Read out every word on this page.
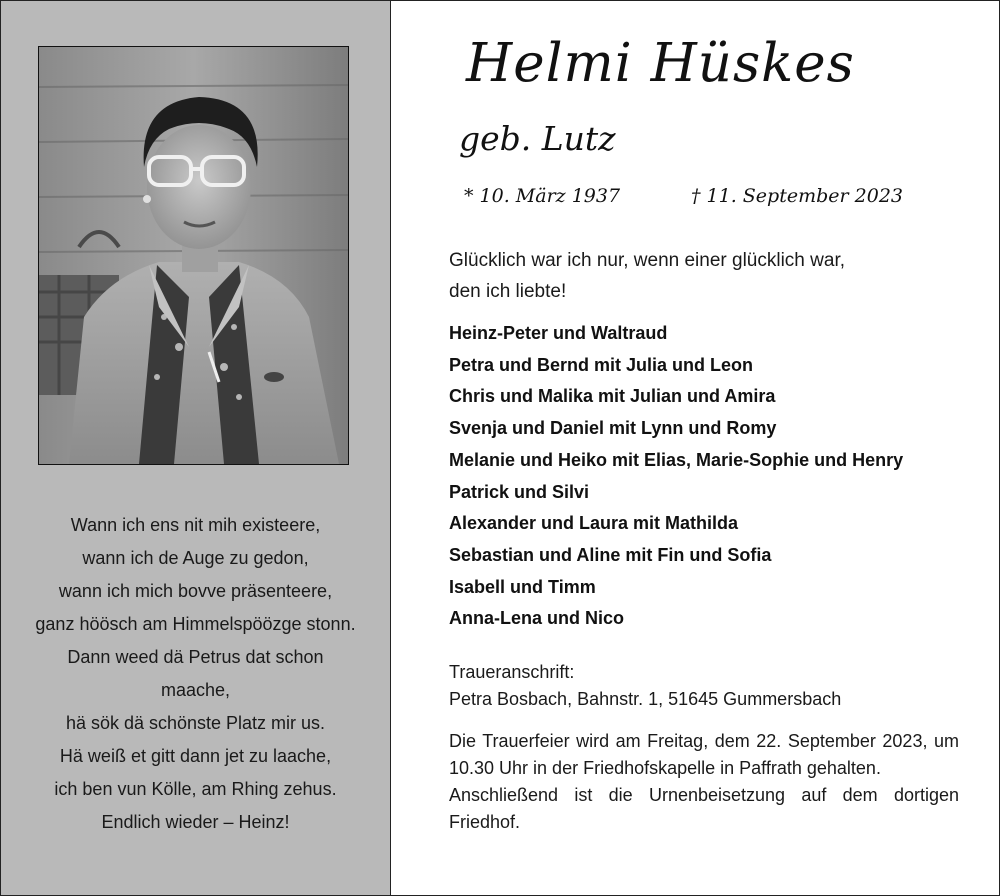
Wann ich ens nit mih existeere,
wann ich de Auge zu gedon,
wann ich mich bovve präsenteere,
ganz höösch am Himmelspöözge stonn.
Dann weed dä Petrus dat schon
maache,
hä sök dä schönste Platz mir us.
Hä weiß et gitt dann jet zu laache,
ich ben vun Kölle, am Rhing zehus.
Endlich wieder – Heinz!
Helmi Hüskes
geb. Lutz
* 10. März 1937	† 11. September 2023
Glücklich war ich nur, wenn einer glücklich war,
den ich liebte!
Heinz-Peter und Waltraud
Petra und Bernd mit Julia und Leon
Chris und Malika mit Julian und Amira
Svenja und Daniel mit Lynn und Romy
Melanie und Heiko mit Elias, Marie-Sophie und Henry
Patrick und Silvi
Alexander und Laura mit Mathilda
Sebastian und Aline mit Fin und Sofia
Isabell und Timm
Anna-Lena und Nico
Traueranschrift:
Petra Bosbach, Bahnstr. 1, 51645 Gummersbach
Die Trauerfeier wird am Freitag, dem 22. September 2023, um 10.30 Uhr in der Friedhofskapelle in Paffrath gehalten.
Anschließend ist die Urnenbeisetzung auf dem dortigen Friedhof.
